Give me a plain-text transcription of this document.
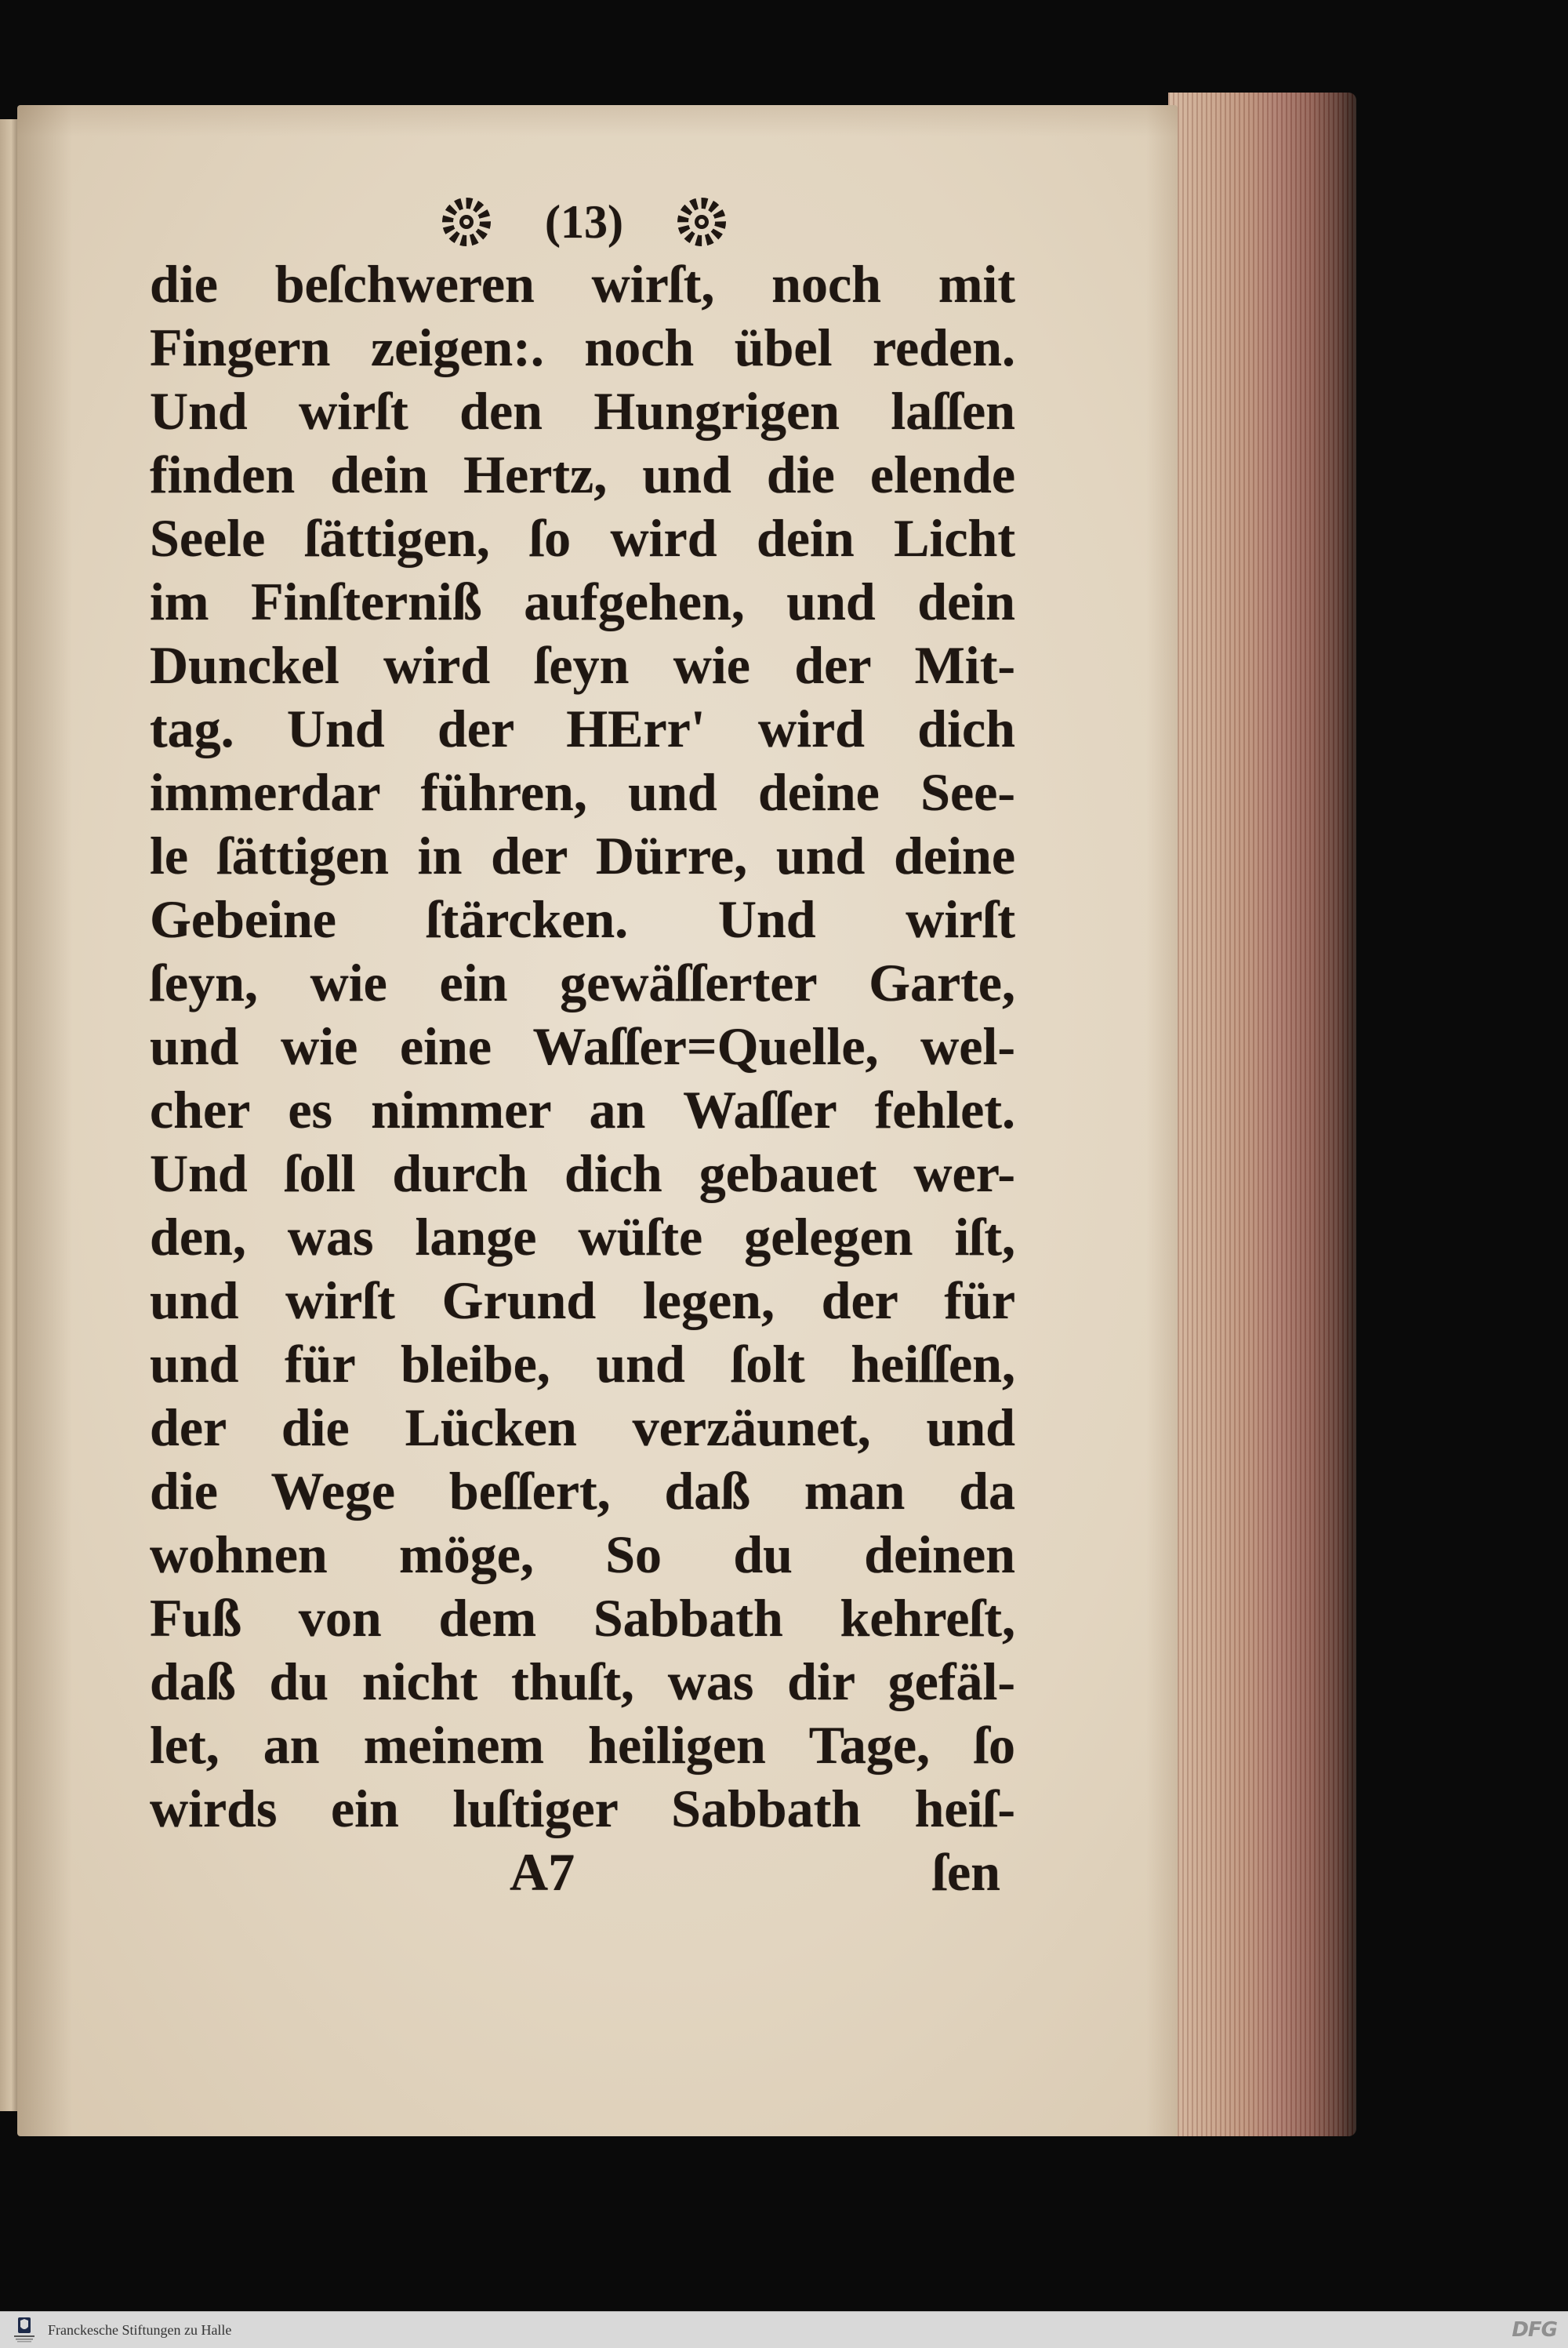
(13)
die beſchweren wirſt, noch mit
Fingern zeigen:. noch übel reden.
Und wirſt den Hungrigen laſſen
finden dein Hertz, und die elende
Seele ſättigen, ſo wird dein Licht
im Finſterniß aufgehen, und dein
Dunckel wird ſeyn wie der Mit-
tag. Und der HErr' wird dich
immerdar führen, und deine See-
le ſättigen in der Dürre, und deine
Gebeine ſtärcken. Und wirſt
ſeyn, wie ein gewäſſerter Garte,
und wie eine Waſſer=Quelle, wel-
cher es nimmer an Waſſer fehlet.
Und ſoll durch dich gebauet wer-
den, was lange wüſte gelegen iſt,
und wirſt Grund legen, der für
und für bleibe, und ſolt heiſſen,
der die Lücken verzäunet, und
die Wege beſſert, daß man da
wohnen möge, So du deinen
Fuß von dem Sabbath kehreſt,
daß du nicht thuſt, was dir gefäl-
let, an meinem heiligen Tage, ſo
wirds ein luſtiger Sabbath heiſ-
A7	ſen
Franckesche Stiftungen zu Halle	DFG
